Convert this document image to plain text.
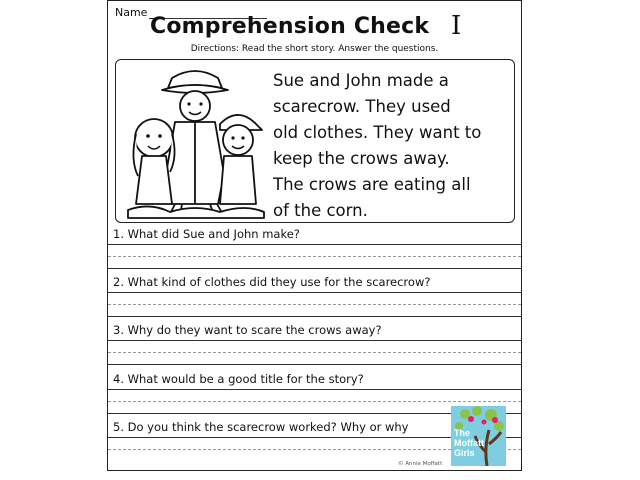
Name
Comprehension Check I
Directions: Read the short story. Answer the questions.
Sue and John made a
scarecrow. They used
old clothes. They want to
keep the crows away.
The crows are eating all
of the corn.
1. What did Sue and John make?
2. What kind of clothes did they use for the scarecrow?
3. Why do they want to scare the crows away?
4. What would be a good title for the story?
5. Do you think the scarecrow worked? Why or why
© Annie Moffatt
The
Moffatt
Girls
